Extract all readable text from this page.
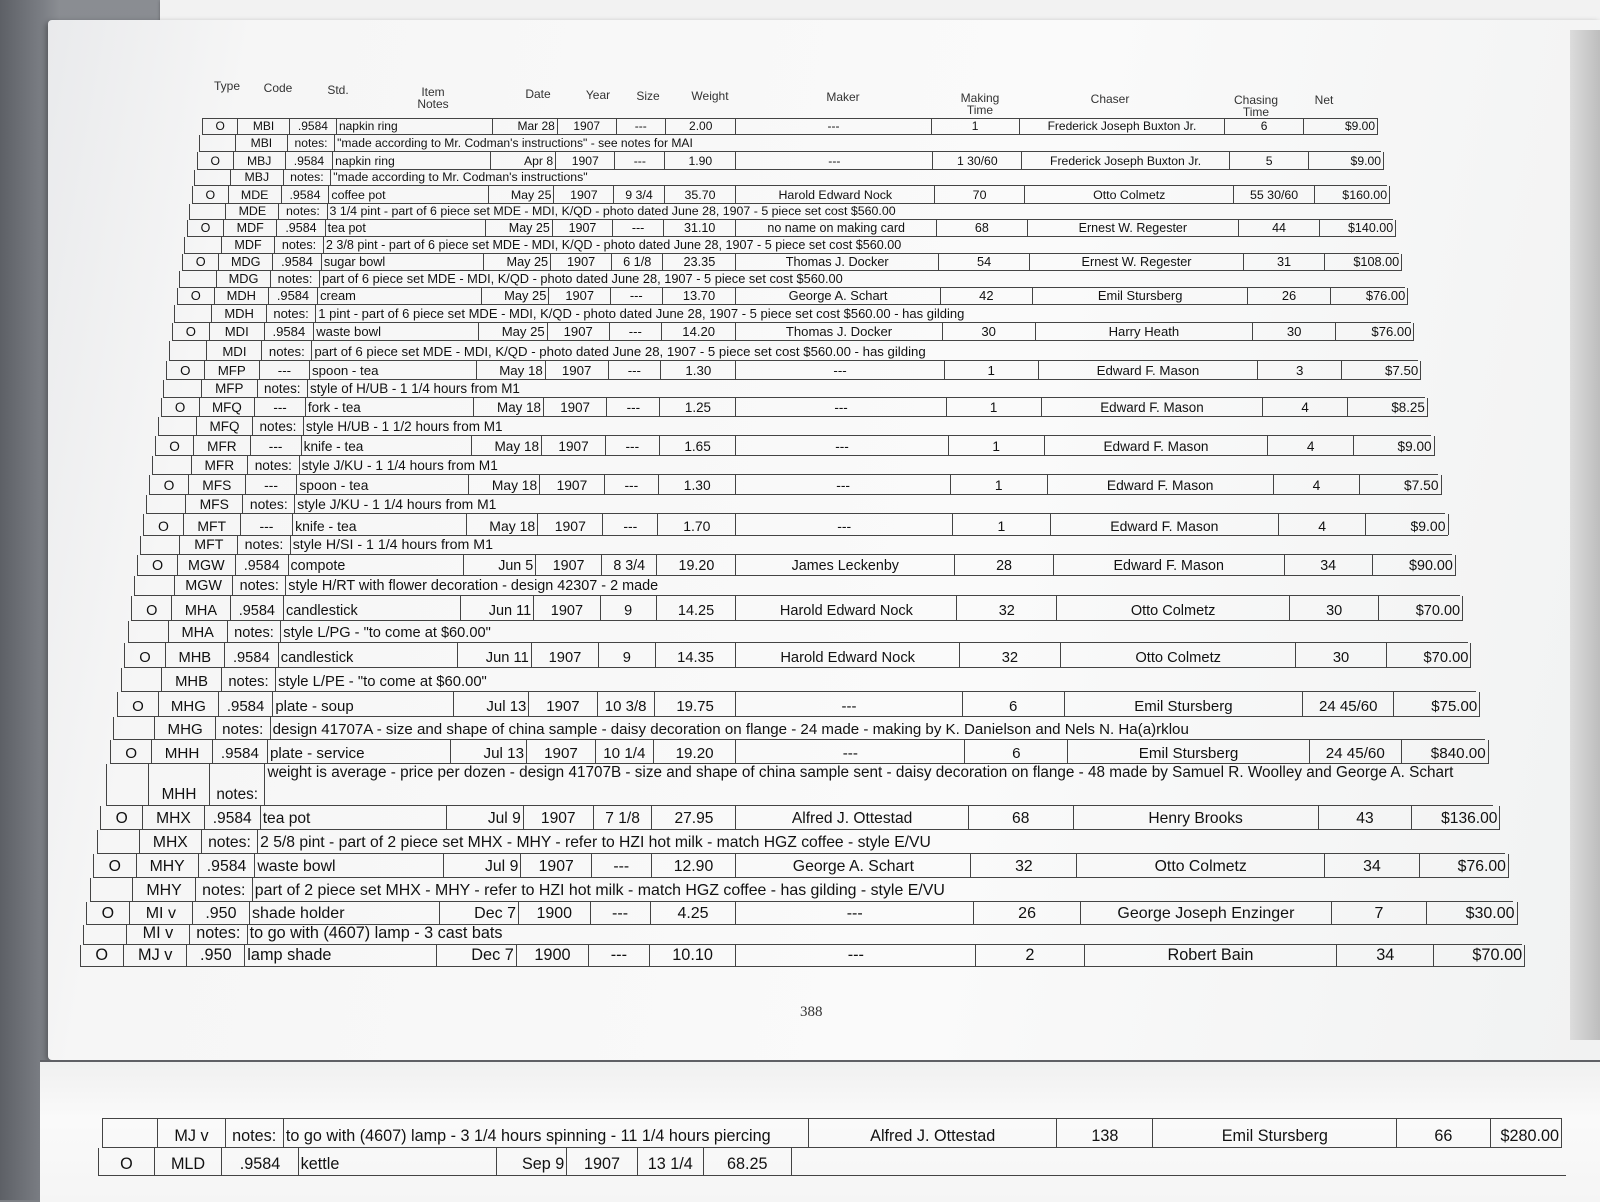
Type	Code	Std.	Item
Notes
Date	Year	Size	Weight	Maker	Making
Time
Chaser	Chasing
Time
Net
O	MBI	.9584 napkin ring	Mar 28	1907	---	2.00	---	1	Frederick Joseph Buxton Jr.	6	$9.00
MBI	notes: "made according to Mr. Codman's instructions" - see notes for MAI
O	MBJ	.9584 napkin ring	Apr 8	1907	---	1.90	---	1 30/60	Frederick Joseph Buxton Jr.	5	$9.00
MBJ	notes: "made according to Mr. Codman's instructions"
O	MDE	.9584 coffee pot	May 25	1907	9 3/4	35.70	Harold Edward Nock	70	Otto Colmetz	55 30/60	$160.00
MDE	notes: 3 1/4 pint - part of 6 piece set MDE - MDI, K/QD - photo dated June 28, 1907 - 5 piece set cost $560.00
O	MDF	.9584 tea pot	May 25	1907	---	31.10	no name on making card	68	Ernest W. Regester	44	$140.00
MDF	notes: 2 3/8 pint - part of 6 piece set MDE - MDI, K/QD - photo dated June 28, 1907 - 5 piece set cost $560.00
O	MDG	.9584 sugar bowl	May 25	1907	6 1/8	23.35	Thomas J. Docker	54	Ernest W. Regester	31	$108.00
MDG	notes: part of 6 piece set MDE - MDI, K/QD - photo dated June 28, 1907 - 5 piece set cost $560.00
O	MDH	.9584 cream	May 25	1907	---	13.70	George A. Schart	42	Emil Stursberg	26	$76.00
MDH	notes: 1 pint - part of 6 piece set MDE - MDI, K/QD - photo dated June 28, 1907 - 5 piece set cost $560.00 - has gilding
O	MDI	.9584 waste bowl	May 25	1907	---	14.20	Thomas J. Docker	30	Harry Heath	30	$76.00
MDI	notes: part of 6 piece set MDE - MDI, K/QD - photo dated June 28, 1907 - 5 piece set cost $560.00 - has gilding
O	MFP	---	spoon - tea	May 18	1907	---	1.30	---	1	Edward F. Mason	3	$7.50
MFP	notes: style of H/UB - 1 1/4 hours from M1
O	MFQ	---	fork - tea	May 18	1907	---	1.25	---	1	Edward F. Mason	4	$8.25
MFQ	notes: style H/UB - 1 1/2 hours from M1
O	MFR	---	knife - tea	May 18	1907	---	1.65	---	1	Edward F. Mason	4	$9.00
MFR	notes: style J/KU - 1 1/4 hours from M1
O	MFS	---	spoon - tea	May 18	1907	---	1.30	---	1	Edward F. Mason	4	$7.50
MFS	notes: style J/KU - 1 1/4 hours from M1
O	MFT	---	knife - tea	May 18	1907	---	1.70	---	1	Edward F. Mason	4	$9.00
MFT	notes: style H/SI - 1 1/4 hours from M1
O	MGW	.9584 compote	Jun 5	1907	8 3/4	19.20	James Leckenby	28	Edward F. Mason	34	$90.00
MGW	notes: style H/RT with flower decoration - design 42307 - 2 made
O	MHA	.9584 candlestick	Jun 11	1907	9	14.25	Harold Edward Nock	32	Otto Colmetz	30	$70.00
MHA	notes: style L/PG - "to come at $60.00"
O	MHB	.9584 candlestick	Jun 11	1907	9	14.35	Harold Edward Nock	32	Otto Colmetz	30	$70.00
MHB	notes: style L/PE - "to come at $60.00"
O	MHG	.9584 plate - soup	Jul 13	1907	10 3/8	19.75	---	6	Emil Stursberg	24 45/60	$75.00
MHG	notes: design 41707A - size and shape of china sample - daisy decoration on flange - 24 made - making by K. Danielson and Nels N. Ha(a)rklou
O	MHH	.9584 plate - service	Jul 13	1907	10 1/4	19.20	---	6	Emil Stursberg	24 45/60	$840.00
MHH	notes:
weight is average - price per dozen - design 41707B - size and shape of china sample sent - daisy decoration on flange - 48 made by Samuel R. Woolley and George A. Schart
O	MHX	.9584 tea pot	Jul 9	1907	7 1/8	27.95	Alfred J. Ottestad	68	Henry Brooks	43	$136.00
MHX	notes: 2 5/8 pint - part of 2 piece set MHX - MHY - refer to HZI hot milk - match HGZ coffee - style E/VU
O	MHY	.9584 waste bowl	Jul 9	1907	---	12.90	George A. Schart	32	Otto Colmetz	34	$76.00
MHY	notes: part of 2 piece set MHX - MHY - refer to HZI hot milk - match HGZ coffee - has gilding - style E/VU
O	MI v	.950 shade holder	Dec 7	1900	---	4.25	---	26	George Joseph Enzinger	7	$30.00
MI v	notes: to go with (4607) lamp - 3 cast bats
O	MJ v	.950 lamp shade	Dec 7	1900	---	10.10	---	2	Robert Bain	34	$70.00
388
MJ v	notes: to go with (4607) lamp - 3 1/4 hours spinning - 11 1/4 hours piercing	Alfred J. Ottestad	138	Emil Stursberg	66	$280.00
O	MLD	.9584	kettle	Sep 9	1907	13 1/4	68.25
